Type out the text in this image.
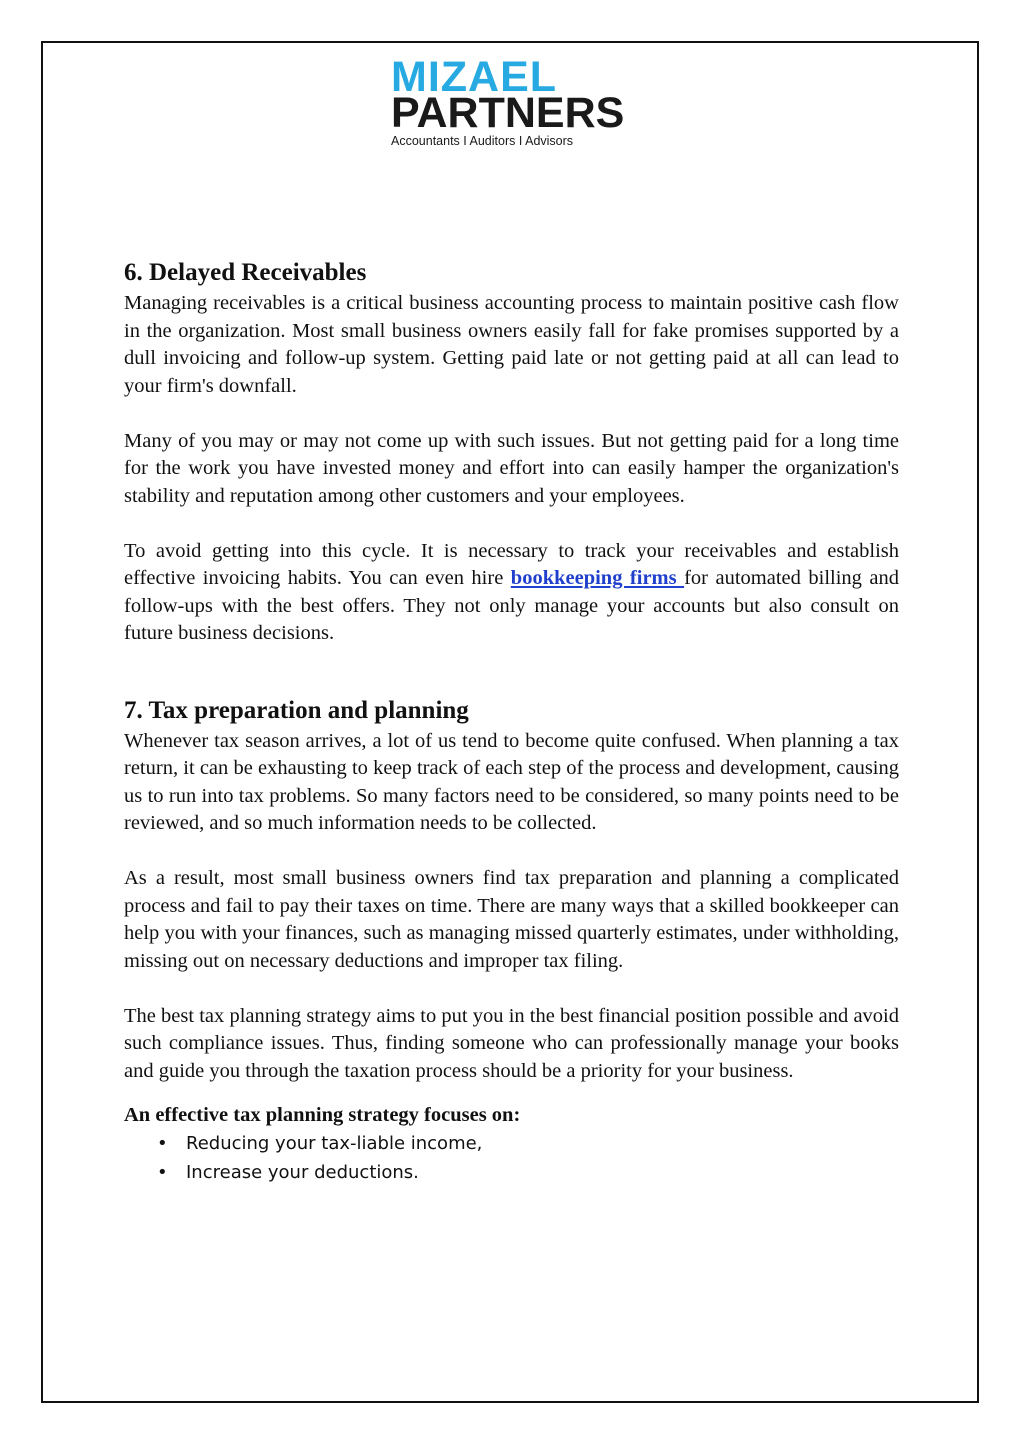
MIZAEL
PARTNERS
Accountants I Auditors I Advisors
6. Delayed Receivables

Managing receivables is a critical business accounting process to maintain positive cash flow in the organization. Most small business owners easily fall for fake promises supported by a dull invoicing and follow-up system. Getting paid late or not getting paid at all can lead to your firm's downfall.

Many of you may or may not come up with such issues. But not getting paid for a long time for the work you have invested money and effort into can easily hamper the organization's stability and reputation among other customers and your employees.

To avoid getting into this cycle. It is necessary to track your receivables and establish effective invoicing habits. You can even hire bookkeeping firms for automated billing and follow-ups with the best offers. They not only manage your accounts but also consult on future business decisions.

7. Tax preparation and planning

Whenever tax season arrives, a lot of us tend to become quite confused. When planning a tax return, it can be exhausting to keep track of each step of the process and development, causing us to run into tax problems. So many factors need to be considered, so many points need to be reviewed, and so much information needs to be collected.

As a result, most small business owners find tax preparation and planning a complicated process and fail to pay their taxes on time. There are many ways that a skilled bookkeeper can help you with your finances, such as managing missed quarterly estimates, under withholding, missing out on necessary deductions and improper tax filing.

The best tax planning strategy aims to put you in the best financial position possible and avoid such compliance issues. Thus, finding someone who can professionally manage your books and guide you through the taxation process should be a priority for your business.

An effective tax planning strategy focuses on:
• Reducing your tax-liable income,
• Increase your deductions.
